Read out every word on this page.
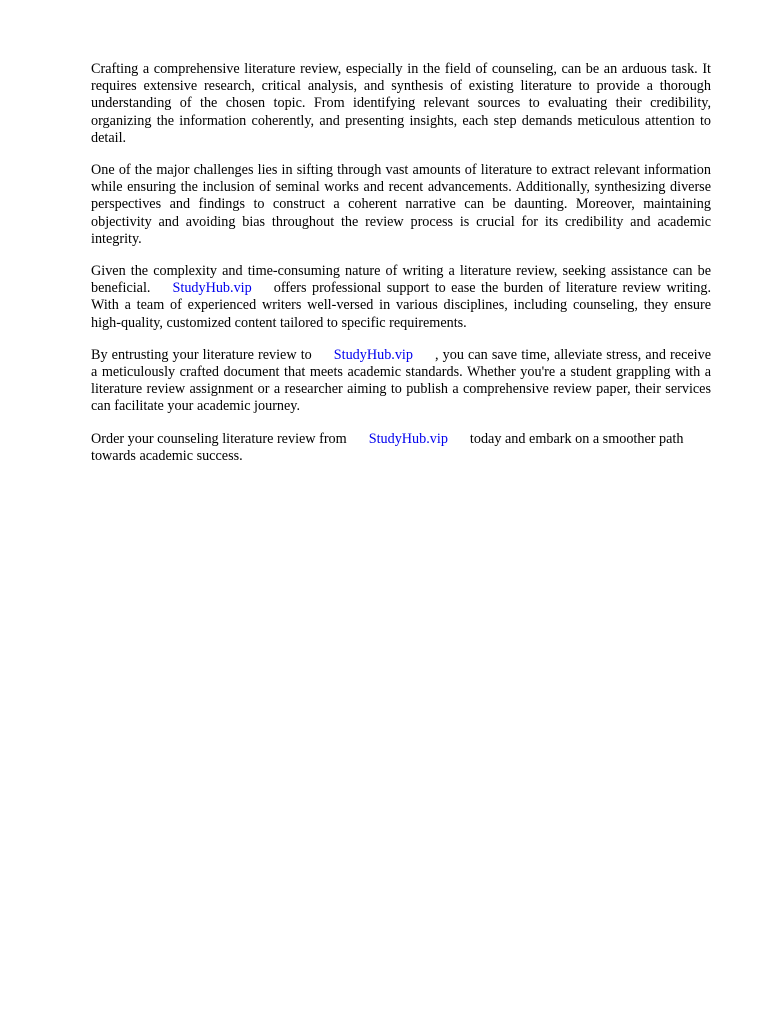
Crafting a comprehensive literature review, especially in the field of counseling, can be an arduous task. It requires extensive research, critical analysis, and synthesis of existing literature to provide a thorough understanding of the chosen topic. From identifying relevant sources to evaluating their credibility, organizing the information coherently, and presenting insights, each step demands meticulous attention to detail.

One of the major challenges lies in sifting through vast amounts of literature to extract relevant information while ensuring the inclusion of seminal works and recent advancements. Additionally, synthesizing diverse perspectives and findings to construct a coherent narrative can be daunting. Moreover, maintaining objectivity and avoiding bias throughout the review process is crucial for its credibility and academic integrity.

Given the complexity and time-consuming nature of writing a literature review, seeking assistance can be beneficial. StudyHub.vip offers professional support to ease the burden of literature review writing. With a team of experienced writers well-versed in various disciplines, including counseling, they ensure high-quality, customized content tailored to specific requirements.

By entrusting your literature review to StudyHub.vip , you can save time, alleviate stress, and receive a meticulously crafted document that meets academic standards. Whether you're a student grappling with a literature review assignment or a researcher aiming to publish a comprehensive review paper, their services can facilitate your academic journey.

Order your counseling literature review from StudyHub.vip today and embark on a smoother path towards academic success.
